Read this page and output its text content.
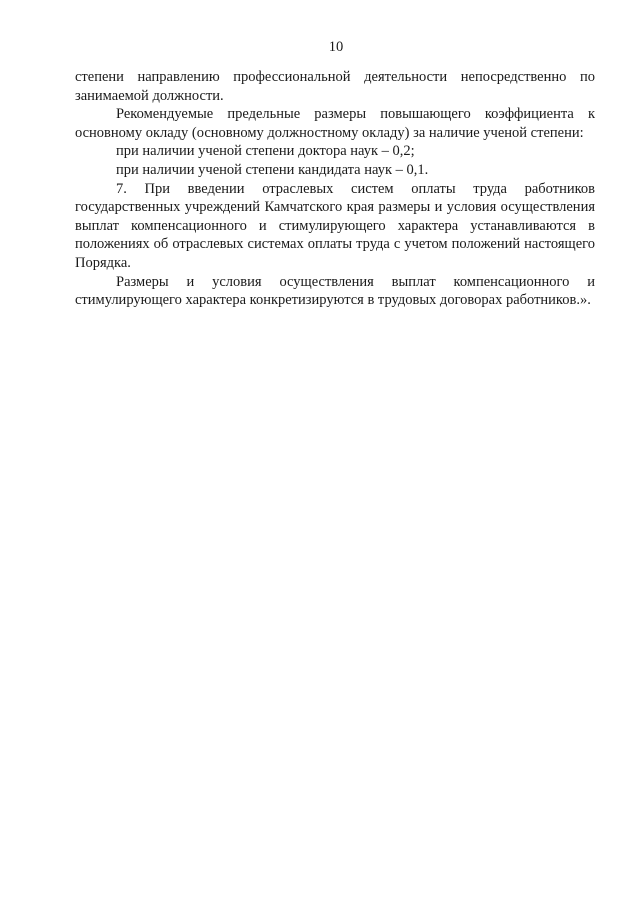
10

степени направлению профессиональной деятельности непосредственно по занимаемой должности.

Рекомендуемые предельные размеры повышающего коэффициента к основному окладу (основному должностному окладу) за наличие ученой степени:

при наличии ученой степени доктора наук – 0,2;

при наличии ученой степени кандидата наук – 0,1.

7. При введении отраслевых систем оплаты труда работников государственных учреждений Камчатского края размеры и условия осуществления выплат компенсационного и стимулирующего характера устанавливаются в положениях об отраслевых системах оплаты труда с учетом положений настоящего Порядка.

Размеры и условия осуществления выплат компенсационного и стимулирующего характера конкретизируются в трудовых договорах работников.».
